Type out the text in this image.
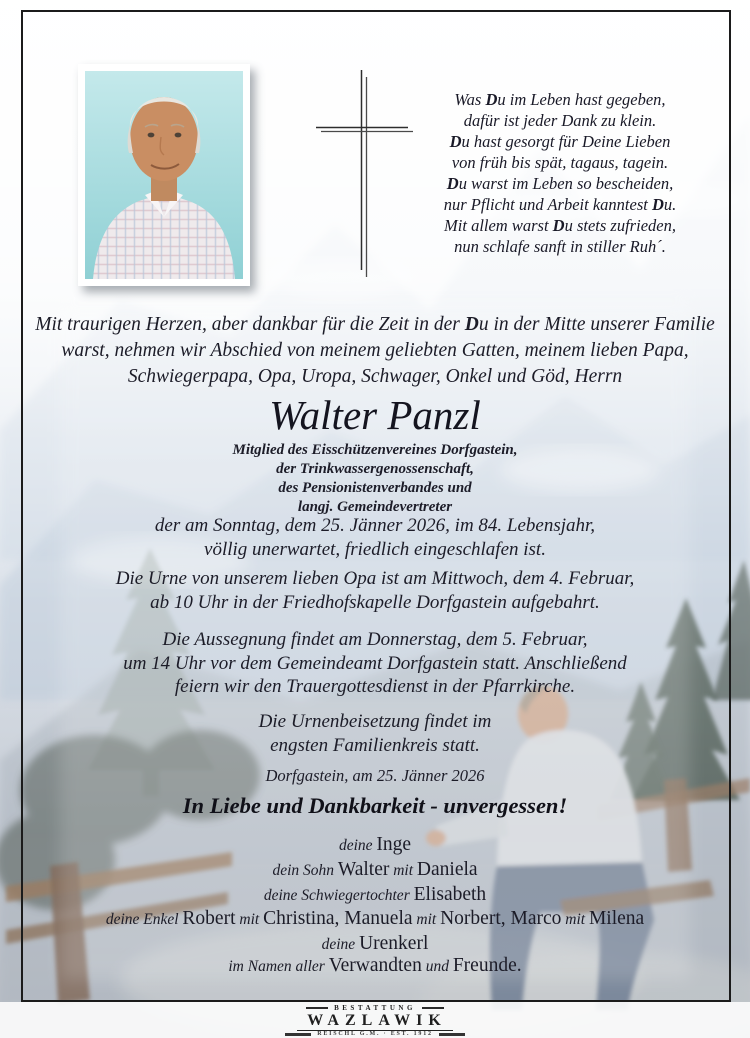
Was Du im Leben hast gegeben,
dafür ist jeder Dank zu klein.
Du hast gesorgt für Deine Lieben
von früh bis spät, tagaus, tagein.
Du warst im Leben so bescheiden,
nur Pflicht und Arbeit kanntest Du.
Mit allem warst Du stets zufrieden,
nun schlafe sanft in stiller Ruh´.
Mit traurigen Herzen, aber dankbar für die Zeit in der Du in der Mitte unserer Familie
warst, nehmen wir Abschied von meinem geliebten Gatten, meinem lieben Papa,
Schwiegerpapa, Opa, Uropa, Schwager, Onkel und Göd, Herrn
Walter Panzl
Mitglied des Eisschützenvereines Dorfgastein,
der Trinkwassergenossenschaft,
des Pensionistenverbandes und
langj. Gemeindevertreter
der am Sonntag, dem 25. Jänner 2026, im 84. Lebensjahr,
völlig unerwartet, friedlich eingeschlafen ist.
Die Urne von unserem lieben Opa ist am Mittwoch, dem 4. Februar,
ab 10 Uhr in der Friedhofskapelle Dorfgastein aufgebahrt.
Die Aussegnung findet am Donnerstag, dem 5. Februar,
um 14 Uhr vor dem Gemeindeamt Dorfgastein statt. Anschließend
feiern wir den Trauergottesdienst in der Pfarrkirche.
Die Urnenbeisetzung findet im
engsten Familienkreis statt.
Dorfgastein, am 25. Jänner 2026
In Liebe und Dankbarkeit - unvergessen!
deine Inge
dein Sohn Walter mit Daniela
deine Schwiegertochter Elisabeth
deine Enkel Robert mit Christina, Manuela mit Norbert, Marco mit Milena
deine Urenkerl
im Namen aller Verwandten und Freunde.
BESTATTUNG
WAZLAWIK
REISCHL G.M. · EST. 1912
